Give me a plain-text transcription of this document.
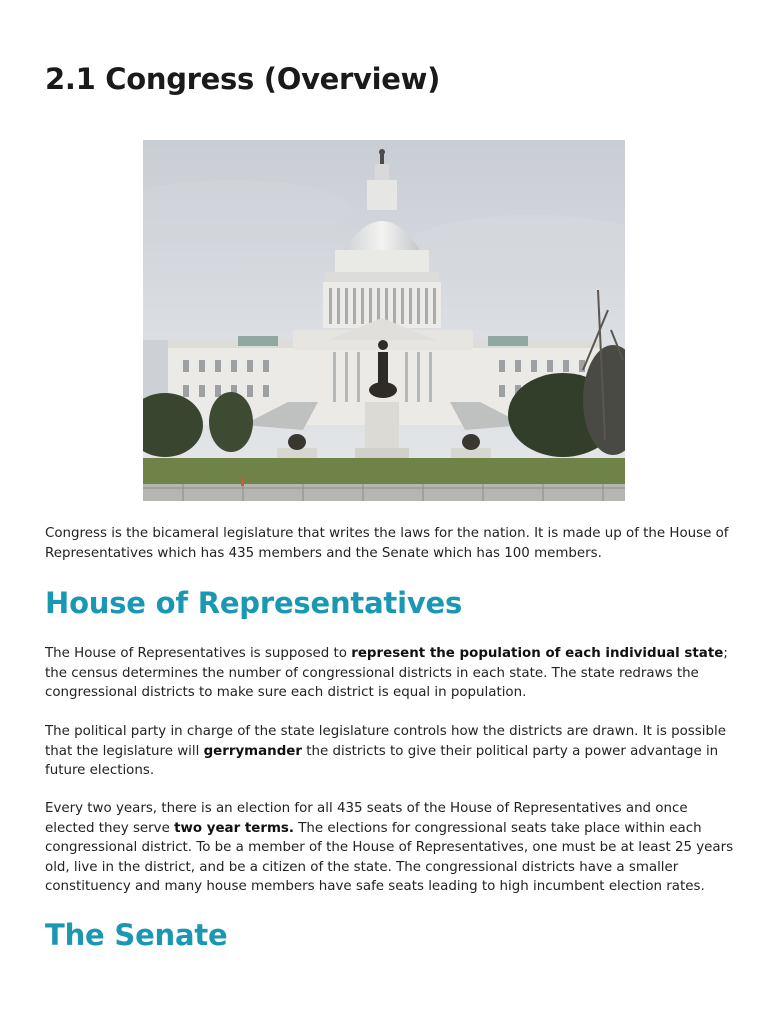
2.1 Congress (Overview)

Congress is the bicameral legislature that writes the laws for the nation. It is made up of the House of Representatives which has 435 members and the Senate which has 100 members.

House of Representatives

The House of Representatives is supposed to represent the population of each individual state; the census determines the number of congressional districts in each state. The state redraws the congressional districts to make sure each district is equal in population.

The political party in charge of the state legislature controls how the districts are drawn. It is possible that the legislature will gerrymander the districts to give their political party a power advantage in future elections.

Every two years, there is an election for all 435 seats of the House of Representatives and once elected they serve two year terms. The elections for congressional seats take place within each congressional district. To be a member of the House of Representatives, one must be at least 25 years old, live in the district, and be a citizen of the state. The congressional districts have a smaller constituency and many house members have safe seats leading to high incumbent election rates.

The Senate
